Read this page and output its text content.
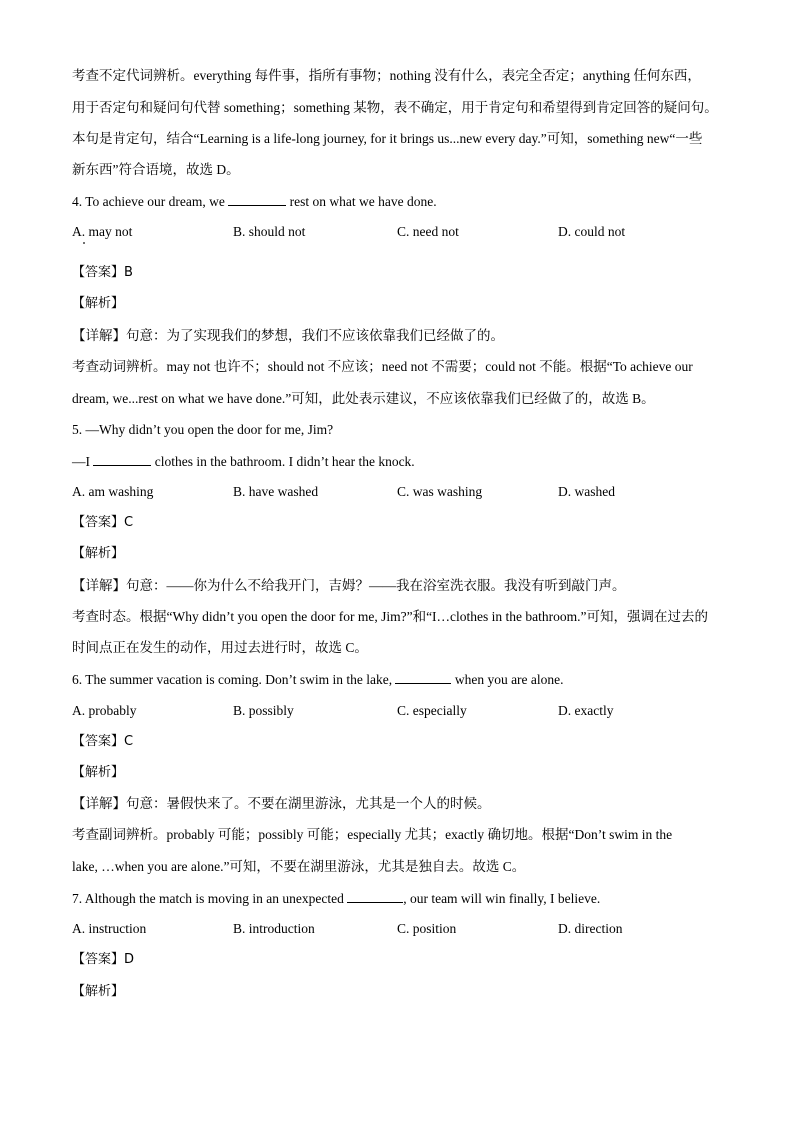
考查不定代词辨析。everything 每件事，指所有事物；nothing 没有什么，表完全否定；anything 任何东西，
用于否定句和疑问句代替 something；something 某物，表不确定，用于肯定句和希望得到肯定回答的疑问句。
本句是肯定句，结合“Learning is a life-long journey, for it brings us...new every day.”可知，something new“一些
新东西”符合语境，故选 D。
4. To achieve our dream, we	rest on what we have done.
A. may not	B. should not	C. need not	D. could not
【答案】B
【解析】
【详解】句意：为了实现我们的梦想，我们不应该依靠我们已经做了的。
考查动词辨析。may not 也许不；should not 不应该；need not 不需要；could not 不能。根据“To achieve our
dream, we...rest on what we have done.”可知，此处表示建议，不应该依靠我们已经做了的，故选 B。
5. —Why didn’t you open the door for me, Jim?
—I	clothes in the bathroom. I didn’t hear the knock.
A. am washing	B. have washed	C. was washing	D. washed
【答案】C
【解析】
【详解】句意：——你为什么不给我开门，吉姆？——我在浴室洗衣服。我没有听到敲门声。
考查时态。根据“Why didn’t you open the door for me, Jim?”和“I…clothes in the bathroom.”可知，强调在过去的
时间点正在发生的动作，用过去进行时，故选 C。
6. The summer vacation is coming. Don’t swim in the lake,	when you are alone.
A. probably	B. possibly	C. especially	D. exactly
【答案】C
【解析】
【详解】句意：暑假快来了。不要在湖里游泳，尤其是一个人的时候。
考查副词辨析。probably 可能；possibly 可能；especially 尤其；exactly 确切地。根据“Don’t swim in the
lake, …when you are alone.”可知，不要在湖里游泳，尤其是独自去。故选 C。
7. Although the match is moving in an unexpected	, our team will win finally, I believe.
A. instruction	B. introduction	C. position	D. direction
【答案】D
【解析】
